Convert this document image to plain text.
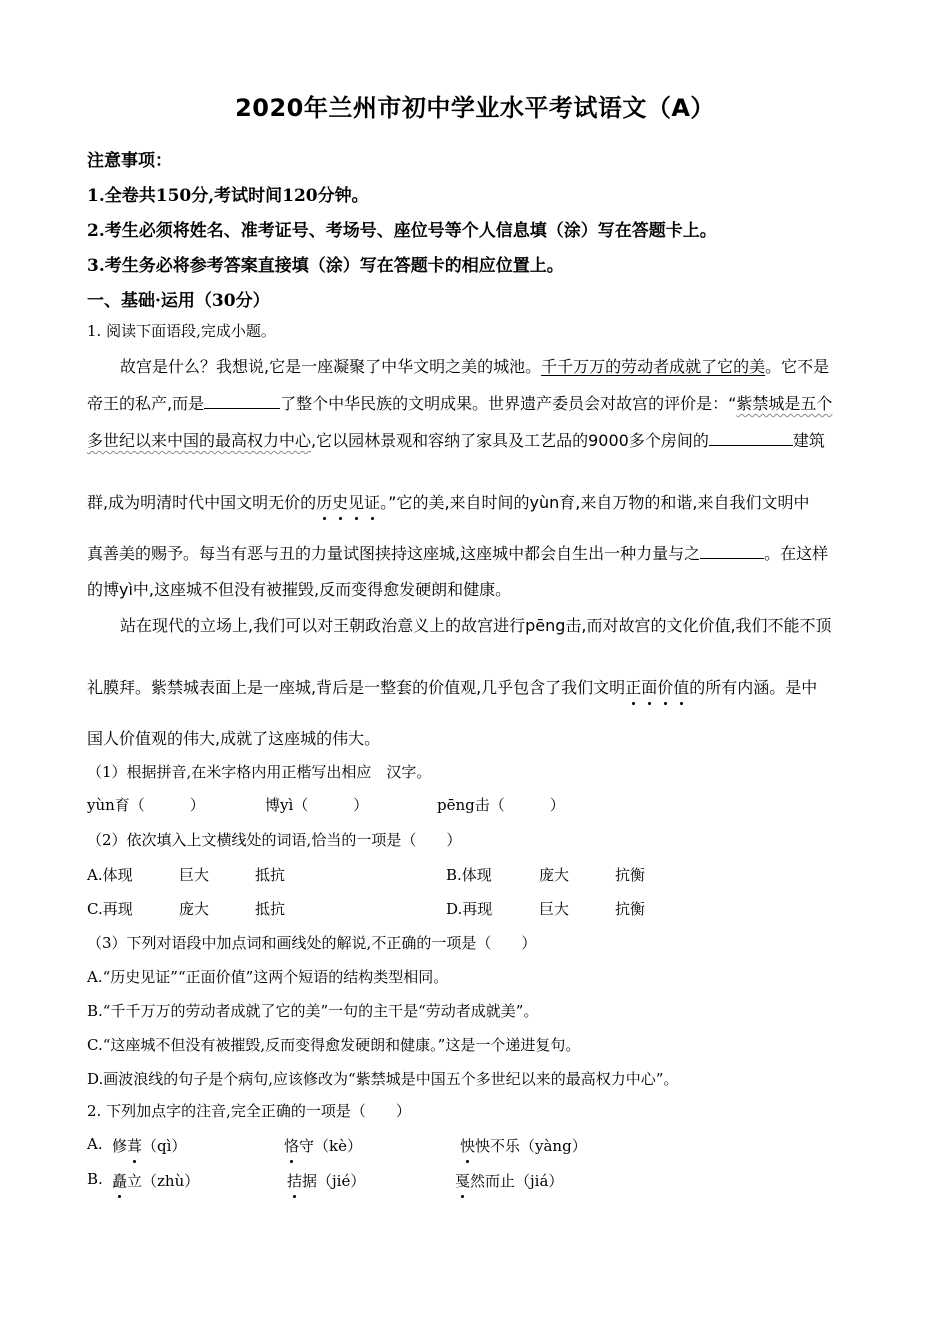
2020年兰州市初中学业水平考试语文（A）
注意事项：
1.全卷共150分,考试时间120分钟。
2.考生必须将姓名、准考证号、考场号、座位号等个人信息填（涂）写在答题卡上。
3.考生务必将参考答案直接填（涂）写在答题卡的相应位置上。
一、基础·运用（30分）
1. 阅读下面语段,完成小题。
故宫是什么？我想说,它是一座凝聚了中华文明之美的城池。千千万万的劳动者成就了它的美。它不是
帝王的私产,而是	了整个中华民族的文明成果。世界遗产委员会对故宫的评价是：“紫禁城是五个
多世纪以来中国的最高权力中心,它以园林景观和容纳了家具及工艺品的9000多个房间的	建筑
群,成为明清时代中国文明无价的历史见证。”它的美,来自时间的yùn育,来自万物的和谐,来自我们文明中
真善美的赐予。每当有恶与丑的力量试图挟持这座城,这座城中都会自生出一种力量与之	。在这样
的博yì中,这座城不但没有被摧毁,反而变得愈发硬朗和健康。
站在现代的立场上,我们可以对王朝政治意义上的故宫进行pēng击,而对故宫的文化价值,我们不能不顶
礼膜拜。紫禁城表面上是一座城,背后是一整套的价值观,几乎包含了我们文明正面价值的所有内涵。是中
国人价值观的伟大,成就了这座城的伟大。
（1）根据拼音,在米字格内用正楷写出相应　汉字。
yùn育（　　　）	博yì（　　　）	pēng击（　　　）
（2）依次填入上文横线处的词语,恰当的一项是（　　）
A.体现	巨大	抵抗	B.体现	庞大	抗衡
C.再现	庞大	抵抗	D.再现	巨大	抗衡
（3）下列对语段中加点词和画线处的解说,不正确的一项是（　　）
A.“历史见证”“正面价值”这两个短语的结构类型相同。
B.“千千万万的劳动者成就了它的美”一句的主干是“劳动者成就美”。
C.“这座城不但没有被摧毁,反而变得愈发硬朗和健康。”这是一个递进复句。
D.画波浪线的句子是个病句,应该修改为“紫禁城是中国五个多世纪以来的最高权力中心”。
2. 下列加点字的注音,完全正确的一项是（　　）
A. 修葺（qì）	恪守（kè）	怏怏不乐（yàng）
B. 矗立（zhù）	拮据（jié）	戛然而止（jiá）
